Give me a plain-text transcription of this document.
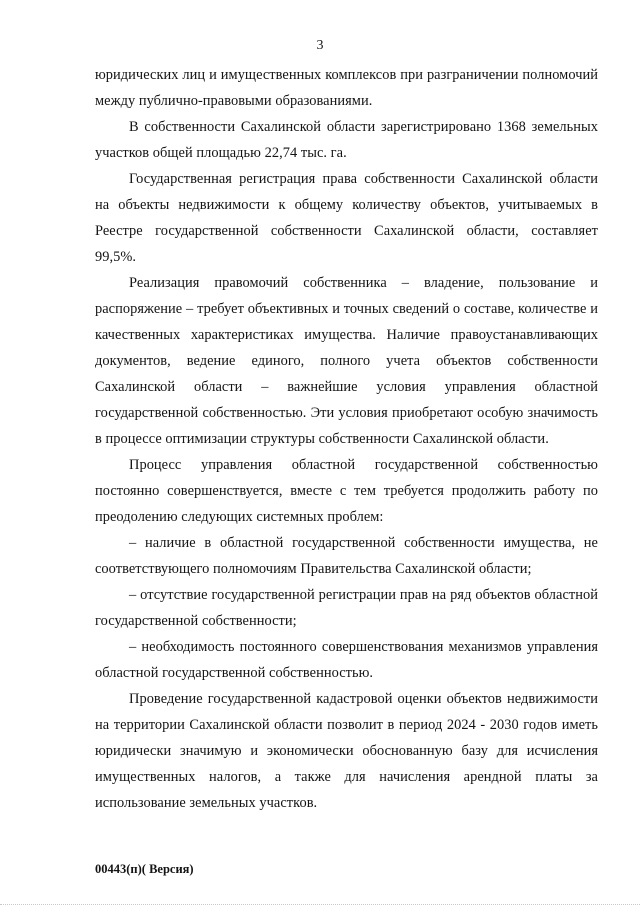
3

юридических лиц и имущественных комплексов при разграничении полномочий между публично-правовыми образованиями.

В собственности Сахалинской области зарегистрировано 1368 земельных участков общей площадью 22,74 тыс. га.

Государственная регистрация права собственности Сахалинской области на объекты недвижимости к общему количеству объектов, учитываемых в Реестре государственной собственности Сахалинской области, составляет 99,5%.

Реализация правомочий собственника – владение, пользование и распоряжение – требует объективных и точных сведений о составе, количестве и качественных характеристиках имущества. Наличие правоустанавливающих документов, ведение единого, полного учета объектов собственности Сахалинской области – важнейшие условия управления областной государственной собственностью. Эти условия приобретают особую значимость в процессе оптимизации структуры собственности Сахалинской области.

Процесс управления областной государственной собственностью постоянно совершенствуется, вместе с тем требуется продолжить работу по преодолению следующих системных проблем:

– наличие в областной государственной собственности имущества, не соответствующего полномочиям Правительства Сахалинской области;

– отсутствие государственной регистрации прав на ряд объектов областной государственной собственности;

– необходимость постоянного совершенствования механизмов управления областной государственной собственностью.

Проведение государственной кадастровой оценки объектов недвижимости на территории Сахалинской области позволит в период 2024 - 2030 годов иметь юридически значимую и экономически обоснованную базу для исчисления имущественных налогов, а также для начисления арендной платы за использование земельных участков.

00443(п)( Версия)
